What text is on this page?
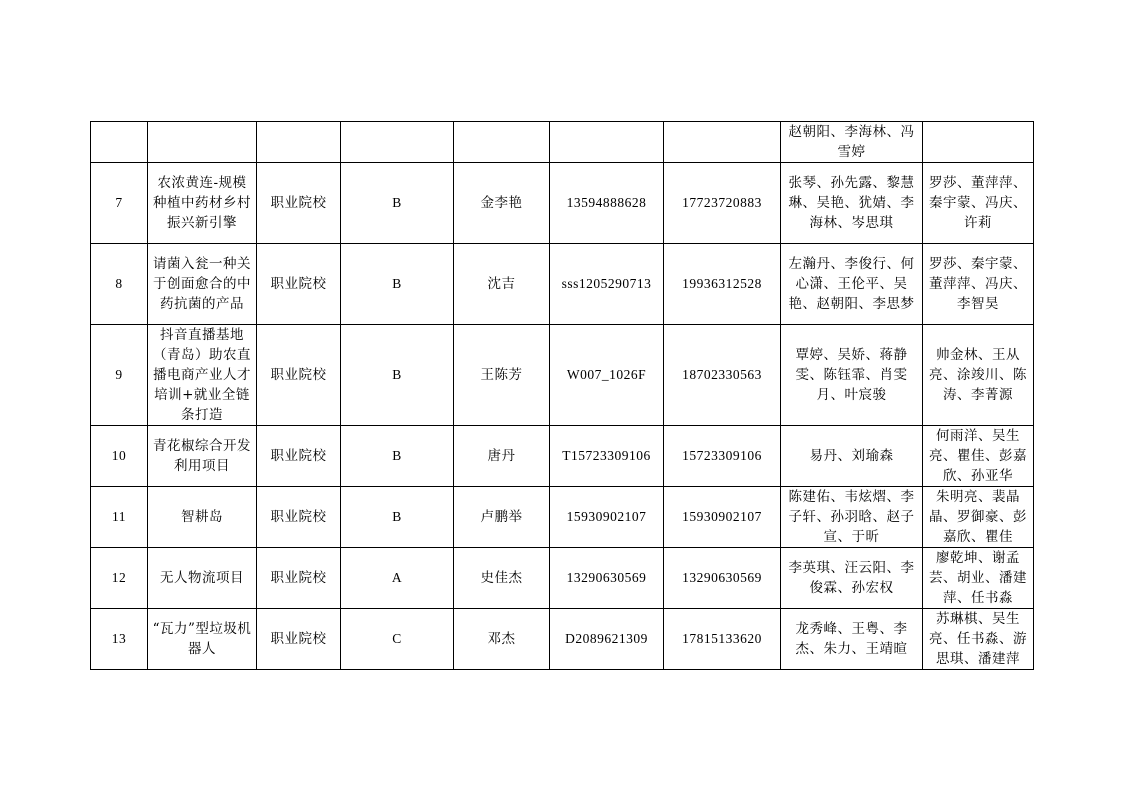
							赵朝阳、李海林、冯雪婷	
7	农浓黄连-规模种植中药材乡村振兴新引擎	职业院校	B	金李艳	13594888628	17723720883	张琴、孙先露、黎慧琳、吴艳、犹婧、李海林、岑思琪	罗莎、董萍萍、秦宇蒙、冯庆、许莉
8	请菌入瓮一种关于创面愈合的中药抗菌的产品	职业院校	B	沈吉	sss1205290713	19936312528	左瀚丹、李俊行、何心潇、王伦平、吴艳、赵朝阳、李思梦	罗莎、秦宇蒙、董萍萍、冯庆、李智昊
9	抖音直播基地（青岛）助农直播电商产业人才培训+就业全链条打造	职业院校	B	王陈芳	W007_1026F	18702330563	覃婷、吴娇、蒋静雯、陈钰霏、肖雯月、叶宸骏	帅金林、王从亮、涂竣川、陈涛、李菁源
10	青花椒综合开发利用项目	职业院校	B	唐丹	T15723309106	15723309106	易丹、刘瑜森	何雨洋、吴生亮、瞿佳、彭嘉欣、孙亚华
11	智耕岛	职业院校	B	卢鹏举	15930902107	15930902107	陈建佑、韦炫熠、李子轩、孙羽晗、赵子宣、于昕	朱明亮、裴晶晶、罗御豪、彭嘉欣、瞿佳
12	无人物流项目	职业院校	A	史佳杰	13290630569	13290630569	李英琪、汪云阳、李俊霖、孙宏权	廖乾坤、谢孟芸、胡业、潘建萍、任书淼
13	“瓦力”型垃圾机器人	职业院校	C	邓杰	D2089621309	17815133620	龙秀峰、王粤、李杰、朱力、王靖暄	苏琳棋、吴生亮、任书淼、游思琪、潘建萍
